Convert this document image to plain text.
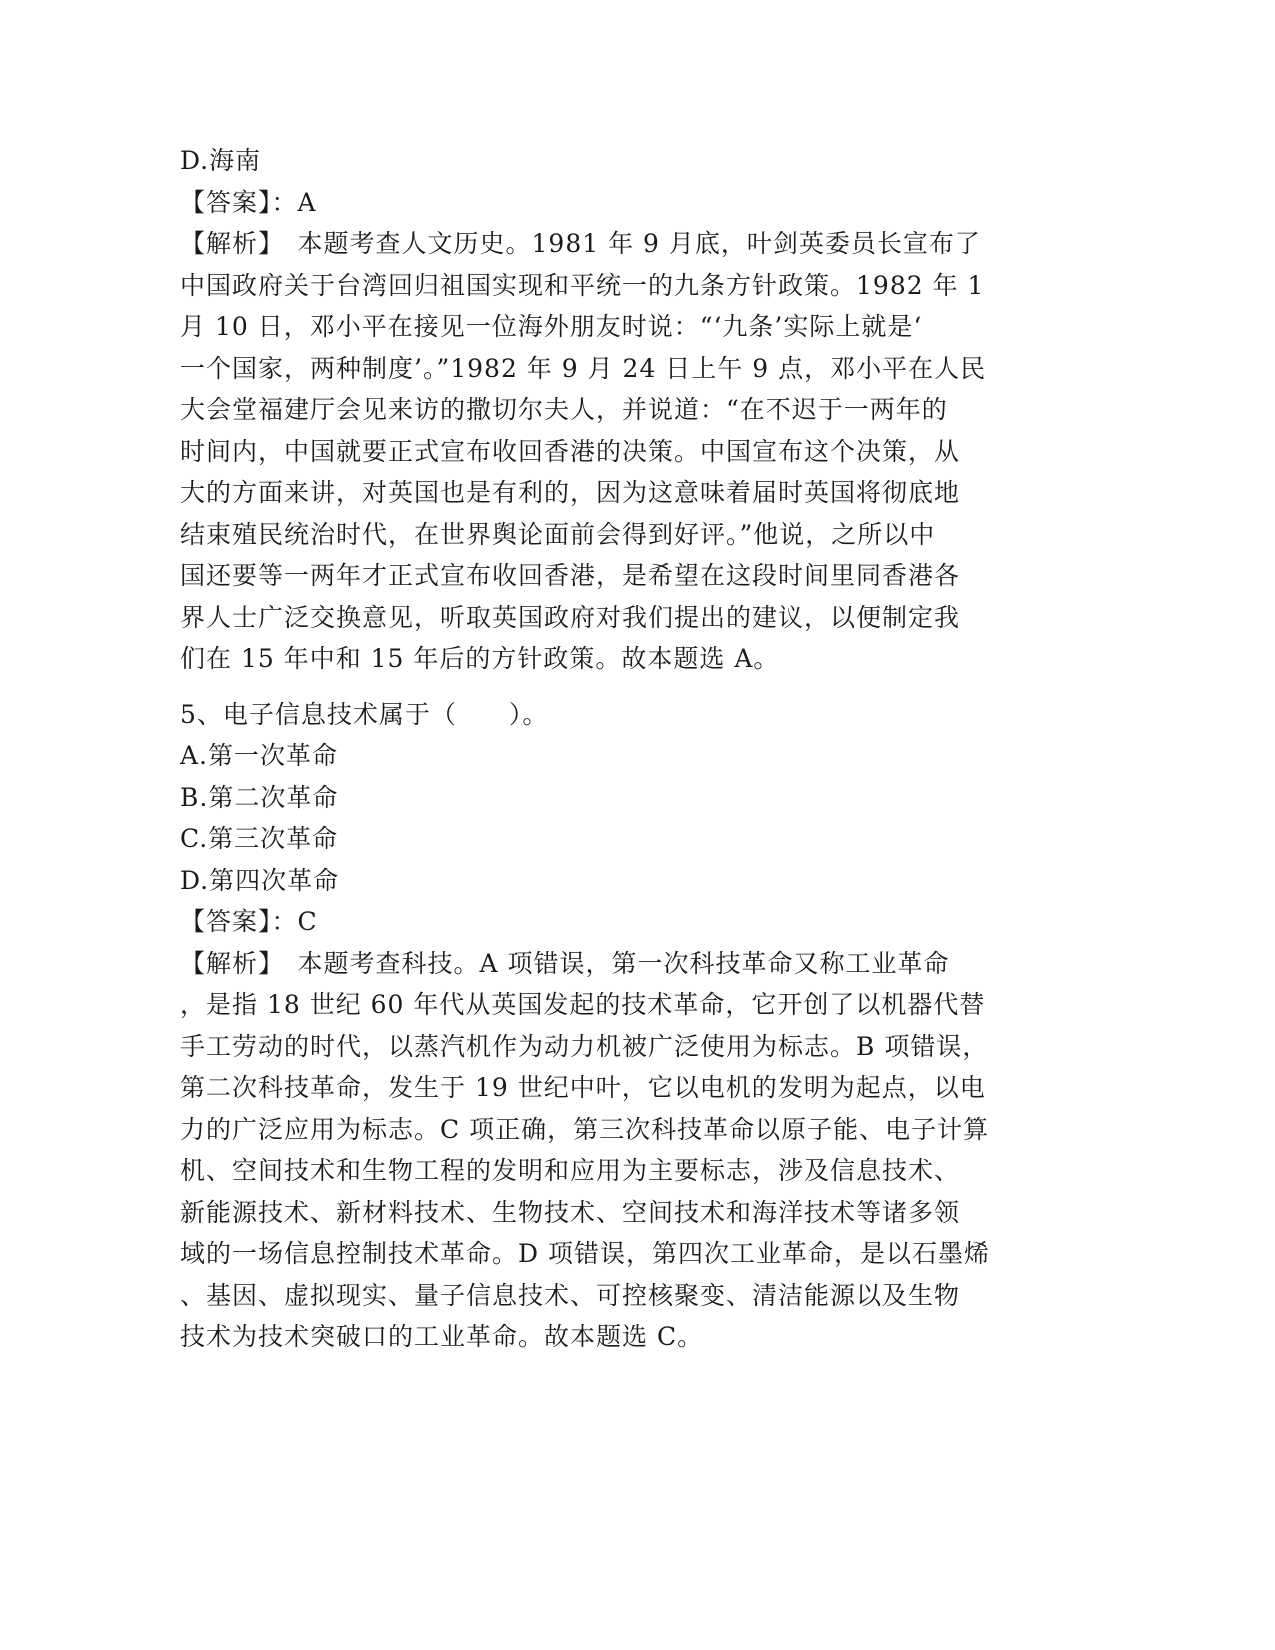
D.海南
【答案】：A
【解析】　本题考查人文历史。1981 年 9 月底，叶剑英委员长宣布了
中国政府关于台湾回归祖国实现和平统一的九条方针政策。1982 年 1
月 10 日，邓小平在接见一位海外朋友时说：“‘九条’实际上就是‘
一个国家，两种制度’。”1982 年 9 月 24 日上午 9 点，邓小平在人民
大会堂福建厅会见来访的撒切尔夫人，并说道：“在不迟于一两年的
时间内，中国就要正式宣布收回香港的决策。中国宣布这个决策，从
大的方面来讲，对英国也是有利的，因为这意味着届时英国将彻底地
结束殖民统治时代，在世界舆论面前会得到好评。”他说，之所以中
国还要等一两年才正式宣布收回香港，是希望在这段时间里同香港各
界人士广泛交换意见，听取英国政府对我们提出的建议，以便制定我
们在 15 年中和 15 年后的方针政策。故本题选 A。
5、电子信息技术属于（　　）。
A.第一次革命
B.第二次革命
C.第三次革命
D.第四次革命
【答案】：C
【解析】　本题考查科技。A 项错误，第一次科技革命又称工业革命
，是指 18 世纪 60 年代从英国发起的技术革命，它开创了以机器代替
手工劳动的时代，以蒸汽机作为动力机被广泛使用为标志。B 项错误，
第二次科技革命，发生于 19 世纪中叶，它以电机的发明为起点，以电
力的广泛应用为标志。C 项正确，第三次科技革命以原子能、电子计算
机、空间技术和生物工程的发明和应用为主要标志，涉及信息技术、
新能源技术、新材料技术、生物技术、空间技术和海洋技术等诸多领
域的一场信息控制技术革命。D 项错误，第四次工业革命，是以石墨烯
、基因、虚拟现实、量子信息技术、可控核聚变、清洁能源以及生物
技术为技术突破口的工业革命。故本题选 C。
